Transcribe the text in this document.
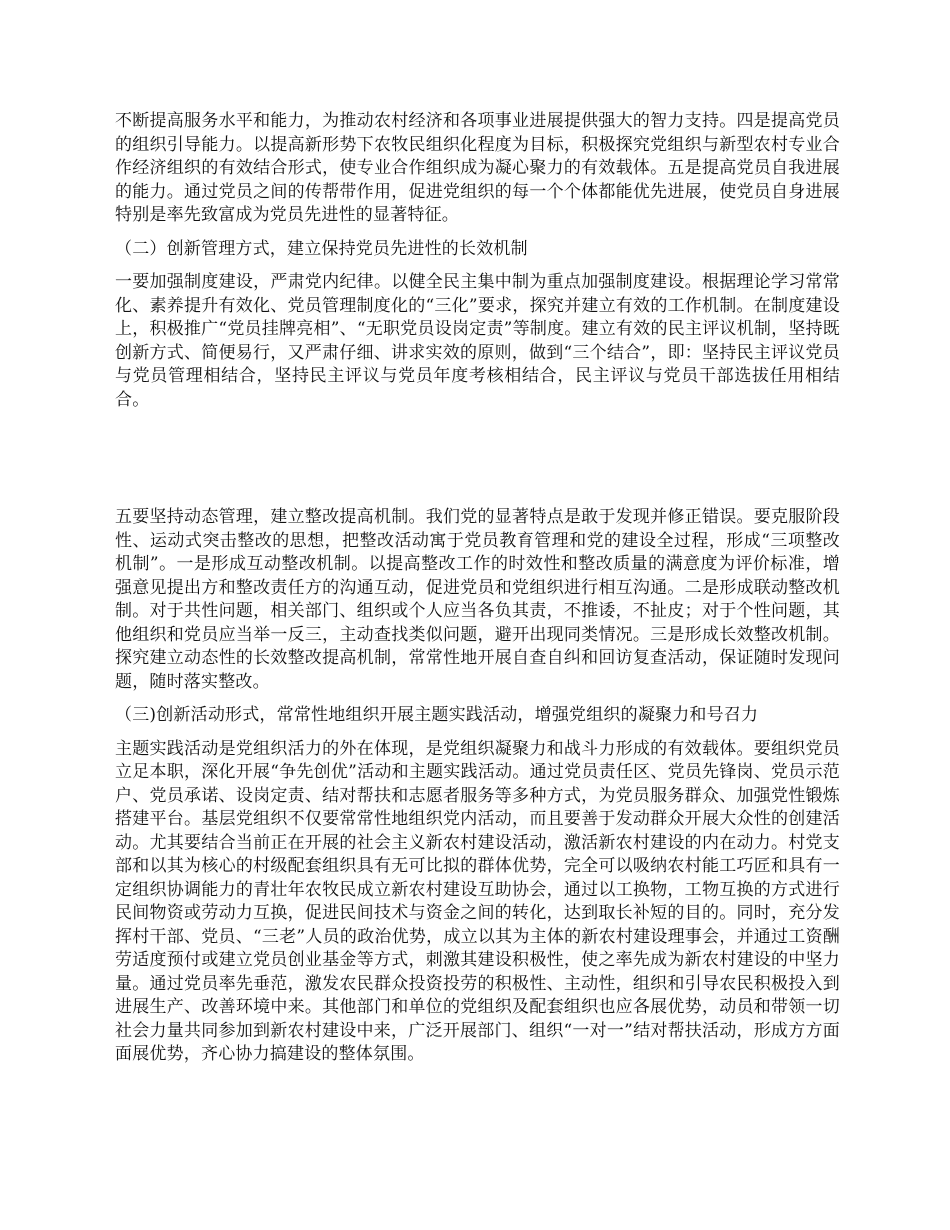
不断提高服务水平和能力，为推动农村经济和各项事业进展提供强大的智力支持。四是提高党员的组织引导能力。以提高新形势下农牧民组织化程度为目标，积极探究党组织与新型农村专业合作经济组织的有效结合形式，使专业合作组织成为凝心聚力的有效载体。五是提高党员自我进展的能力。通过党员之间的传帮带作用，促进党组织的每一个个体都能优先进展，使党员自身进展特别是率先致富成为党员先进性的显著特征。

（二）创新管理方式，建立保持党员先进性的长效机制

一要加强制度建设，严肃党内纪律。以健全民主集中制为重点加强制度建设。根据理论学习常常化、素养提升有效化、党员管理制度化的“三化”要求，探究并建立有效的工作机制。在制度建设上，积极推广“党员挂牌亮相”、“无职党员设岗定责”等制度。建立有效的民主评议机制，坚持既创新方式、简便易行，又严肃仔细、讲求实效的原则，做到“三个结合”，即：坚持民主评议党员与党员管理相结合，坚持民主评议与党员年度考核相结合，民主评议与党员干部选拔任用相结合。

五要坚持动态管理，建立整改提高机制。我们党的显著特点是敢于发现并修正错误。要克服阶段性、运动式突击整改的思想，把整改活动寓于党员教育管理和党的建设全过程，形成“三项整改机制”。一是形成互动整改机制。以提高整改工作的时效性和整改质量的满意度为评价标准，增强意见提出方和整改责任方的沟通互动，促进党员和党组织进行相互沟通。二是形成联动整改机制。对于共性问题，相关部门、组织或个人应当各负其责，不推诿，不扯皮；对于个性问题，其他组织和党员应当举一反三，主动查找类似问题，避开出现同类情况。三是形成长效整改机制。探究建立动态性的长效整改提高机制，常常性地开展自查自纠和回访复查活动，保证随时发现问题，随时落实整改。

（三)创新活动形式，常常性地组织开展主题实践活动，增强党组织的凝聚力和号召力

主题实践活动是党组织活力的外在体现，是党组织凝聚力和战斗力形成的有效载体。要组织党员立足本职，深化开展“争先创优”活动和主题实践活动。通过党员责任区、党员先锋岗、党员示范户、党员承诺、设岗定责、结对帮扶和志愿者服务等多种方式，为党员服务群众、加强党性锻炼搭建平台。基层党组织不仅要常常性地组织党内活动，而且要善于发动群众开展大众性的创建活动。尤其要结合当前正在开展的社会主义新农村建设活动，激活新农村建设的内在动力。村党支部和以其为核心的村级配套组织具有无可比拟的群体优势，完全可以吸纳农村能工巧匠和具有一定组织协调能力的青壮年农牧民成立新农村建设互助协会，通过以工换物，工物互换的方式进行民间物资或劳动力互换，促进民间技术与资金之间的转化，达到取长补短的目的。同时，充分发挥村干部、党员、“三老”人员的政治优势，成立以其为主体的新农村建设理事会，并通过工资酬劳适度预付或建立党员创业基金等方式，刺激其建设积极性，使之率先成为新农村建设的中坚力量。通过党员率先垂范，激发农民群众投资投劳的积极性、主动性，组织和引导农民积极投入到进展生产、改善环境中来。其他部门和单位的党组织及配套组织也应各展优势，动员和带领一切社会力量共同参加到新农村建设中来，广泛开展部门、组织“一对一”结对帮扶活动，形成方方面面展优势，齐心协力搞建设的整体氛围。
